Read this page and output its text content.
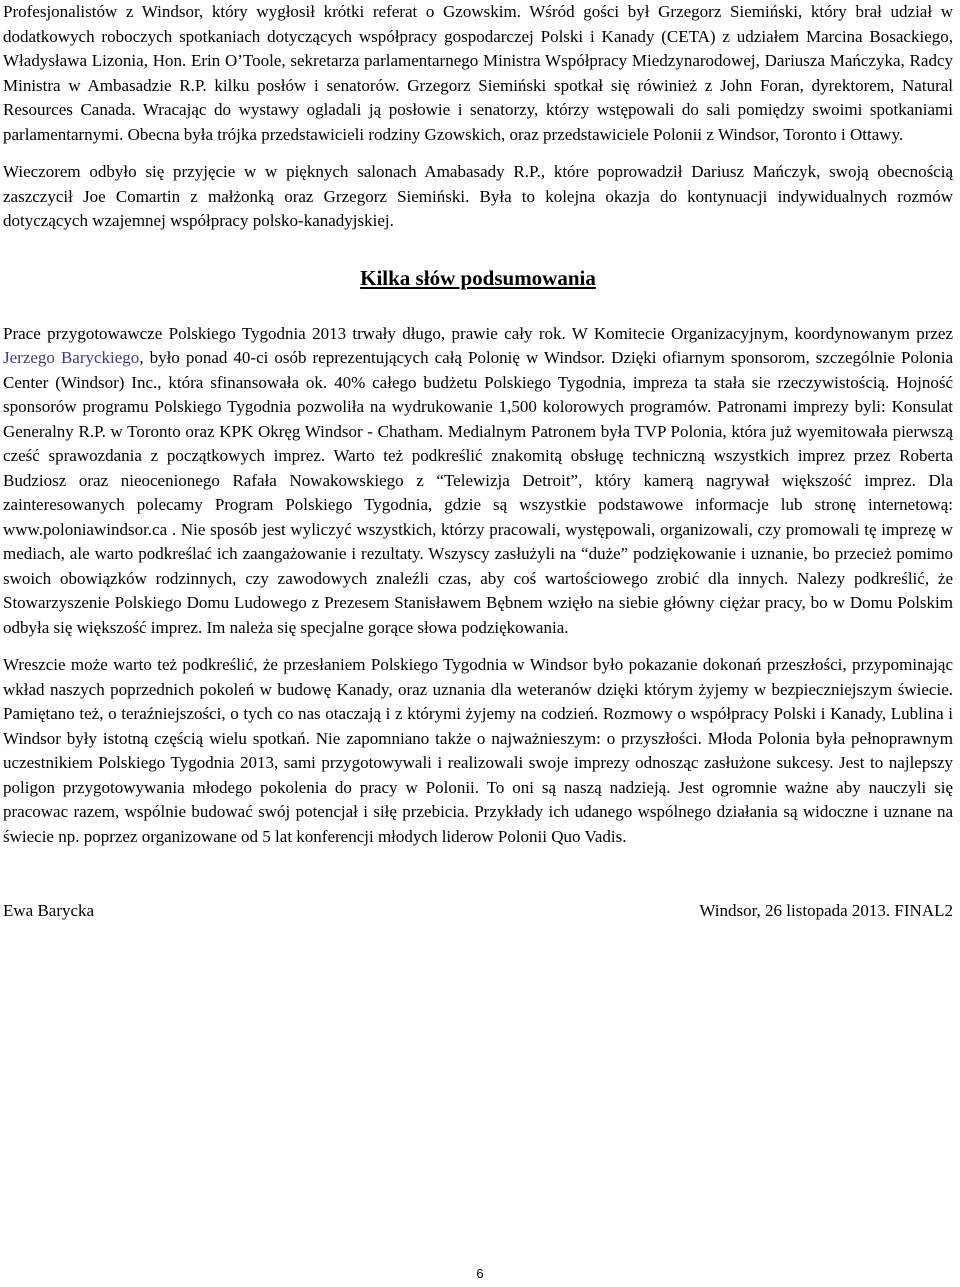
Profesjonalistów z Windsor, który wygłosił krótki referat o Gzowskim. Wśród gości był Grzegorz Siemiński, który brał udział w dodatkowych roboczych spotkaniach dotyczących współpracy gospodarczej Polski i Kanady (CETA) z udziałem Marcina Bosackiego, Władysława Lizonia, Hon. Erin O’Toole, sekretarza parlamentarnego Ministra Współpracy Miedzynarodowej, Dariusza Mańczyka, Radcy Ministra w Ambasadzie R.P. kilku posłów i senatorów. Grzegorz Siemiński spotkał się rówinież z John Foran, dyrektorem, Natural Resources Canada. Wracając do wystawy ogladali ją posłowie i senatorzy, którzy wstępowali do sali pomiędzy swoimi spotkaniami parlamentarnymi. Obecna była trójka przedstawicieli rodziny Gzowskich, oraz przedstawiciele Polonii z Windsor, Toronto i Ottawy.

Wieczorem odbyło się przyjęcie w w pięknych salonach Amabasady R.P., które poprowadził Dariusz Mańczyk, swoją obecnością zaszczycił Joe Comartin z małżonką oraz Grzegorz Siemiński. Była to kolejna okazja do kontynuacji indywidualnych rozmów dotyczących wzajemnej współpracy polsko-kanadyjskiej.

Kilka słów podsumowania

Prace przygotowawcze Polskiego Tygodnia 2013 trwały długo, prawie cały rok. W Komitecie Organizacyjnym, koordynowanym przez Jerzego Baryckiego, było ponad 40-ci osób reprezentujących całą Polonię w Windsor. Dzięki ofiarnym sponsorom, szczególnie Polonia Center (Windsor) Inc., która sfinansowała ok. 40% całego budżetu Polskiego Tygodnia, impreza ta stała sie rzeczywistością. Hojność sponsorów programu Polskiego Tygodnia pozwoliła na wydrukowanie 1,500 kolorowych programów. Patronami imprezy byli: Konsulat Generalny R.P. w Toronto oraz KPK Okręg Windsor - Chatham. Medialnym Patronem była TVP Polonia, która już wyemitowała pierwszą cześć sprawozdania z początkowych imprez. Warto też podkreślić znakomitą obsługę techniczną wszystkich imprez przez Roberta Budziosz oraz nieocenionego Rafała Nowakowskiego z “Telewizja Detroit”, który kamerą nagrywał większość imprez. Dla zainteresowanych polecamy Program Polskiego Tygodnia, gdzie są wszystkie podstawowe informacje lub stronę internetową: www.poloniawindsor.ca . Nie sposób jest wyliczyć wszystkich, którzy pracowali, występowali, organizowali, czy promowali tę imprezę w mediach, ale warto podkreślać ich zaangażowanie i rezultaty. Wszyscy zasłużyli na “duże” podziękowanie i uznanie, bo przecież pomimo swoich obowiązków rodzinnych, czy zawodowych znaleźli czas, aby coś wartościowego zrobić dla innych. Nalezy podkreślić, że Stowarzyszenie Polskiego Domu Ludowego z Prezesem Stanisławem Bębnem wzięło na siebie główny ciężar pracy, bo w Domu Polskim odbyła się większość imprez. Im należa się specjalne gorące słowa podziękowania.

Wreszcie może warto też podkreślić, że przesłaniem Polskiego Tygodnia w Windsor było pokazanie dokonań przeszłości, przypominając wkład naszych poprzednich pokoleń w budowę Kanady, oraz uznania dla weteranów dzięki którym żyjemy w bezpieczniejszym świecie. Pamiętano też, o teraźniejszości, o tych co nas otaczają i z którymi żyjemy na codzień. Rozmowy o współpracy Polski i Kanady, Lublina i Windsor były istotną częścią wielu spotkań. Nie zapomniano także o najważnieszym: o przyszłości. Młoda Polonia była pełnoprawnym uczestnikiem Polskiego Tygodnia 2013, sami przygotowywali i realizowali swoje imprezy odnosząc zasłużone sukcesy. Jest to najlepszy poligon przygotowywania młodego pokolenia do pracy w Polonii. To oni są naszą nadzieją. Jest ogromnie ważne aby nauczyli się pracowac razem, wspólnie budować swój potencjał i siłę przebicia. Przykłady ich udanego wspólnego działania są widoczne i uznane na świecie np. poprzez organizowane od 5 lat konferencji młodych liderow Polonii Quo Vadis.

Ewa Barycka	Windsor, 26 listopada 2013. FINAL2
6
